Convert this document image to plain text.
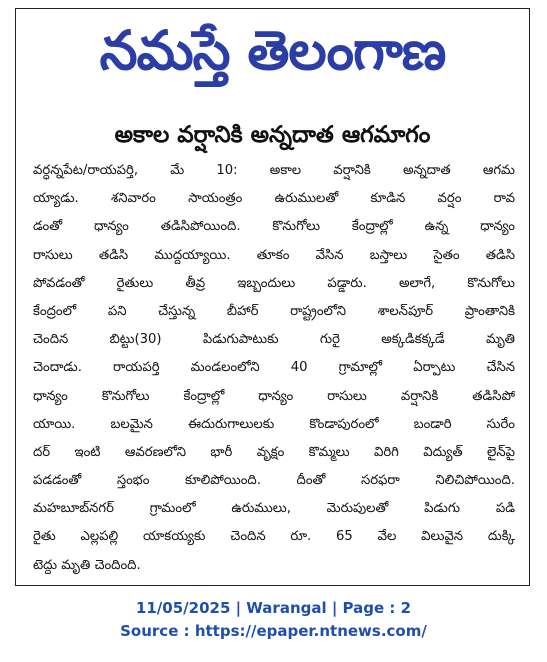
నమస్తే తెలంగాణ
అకాల వర్షానికి అన్నదాత ఆగమాగం
వర్ధన్నపేట/రాయపర్తి, మే 10: అకాల వర్షానికి అన్నదాత ఆగమ
య్యాడు. శనివారం సాయంత్రం ఉరుములతో కూడిన వర్షం రావ
డంతో ధాన్యం తడిసిపోయింది. కొనుగోలు కేంద్రాల్లో ఉన్న ధాన్యం
రాసులు తడిసి ముద్దయ్యాయి. తూకం వేసిన బస్తాలు సైతం తడిసి
పోవడంతో రైతులు తీవ్ర ఇబ్బందులు పడ్డారు. అలాగే, కొనుగోలు
కేంద్రంలో పని చేస్తున్న బీహార్ రాష్ట్రంలోని శాలన్‌పూర్ ప్రాంతానికి
చెందిన బిట్టు(30) పిడుగుపాటుకు గురై అక్కడికక్కడే మృతి
చెందాడు. రాయపర్తి మండలంలోని 40 గ్రామాల్లో ఏర్పాటు చేసిన
ధాన్యం కొనుగోలు కేంద్రాల్లో ధాన్యం రాసులు వర్షానికి తడిసిపో
యాయి. బలమైన ఈదురుగాలులకు కొండాపురంలో బండారి సురేం
దర్ ఇంటి ఆవరణలోని భారీ వృక్షం కొమ్మలు విరిగి విద్యుత్ లైన్‌పై
పడడంతో స్తంభం కూలిపోయింది. దీంతో సరఫరా నిలిచిపోయింది.
మహబూబ్‌నగర్ గ్రామంలో ఉరుములు, మెరుపులతో పిడుగు పడి
రైతు ఎల్లపల్లి యాకయ్యకు చెందిన రూ. 65 వేల విలువైన దుక్కి
టెద్దు మృతి చెందింది.
11/05/2025 | Warangal | Page : 2
Source : https://epaper.ntnews.com/
